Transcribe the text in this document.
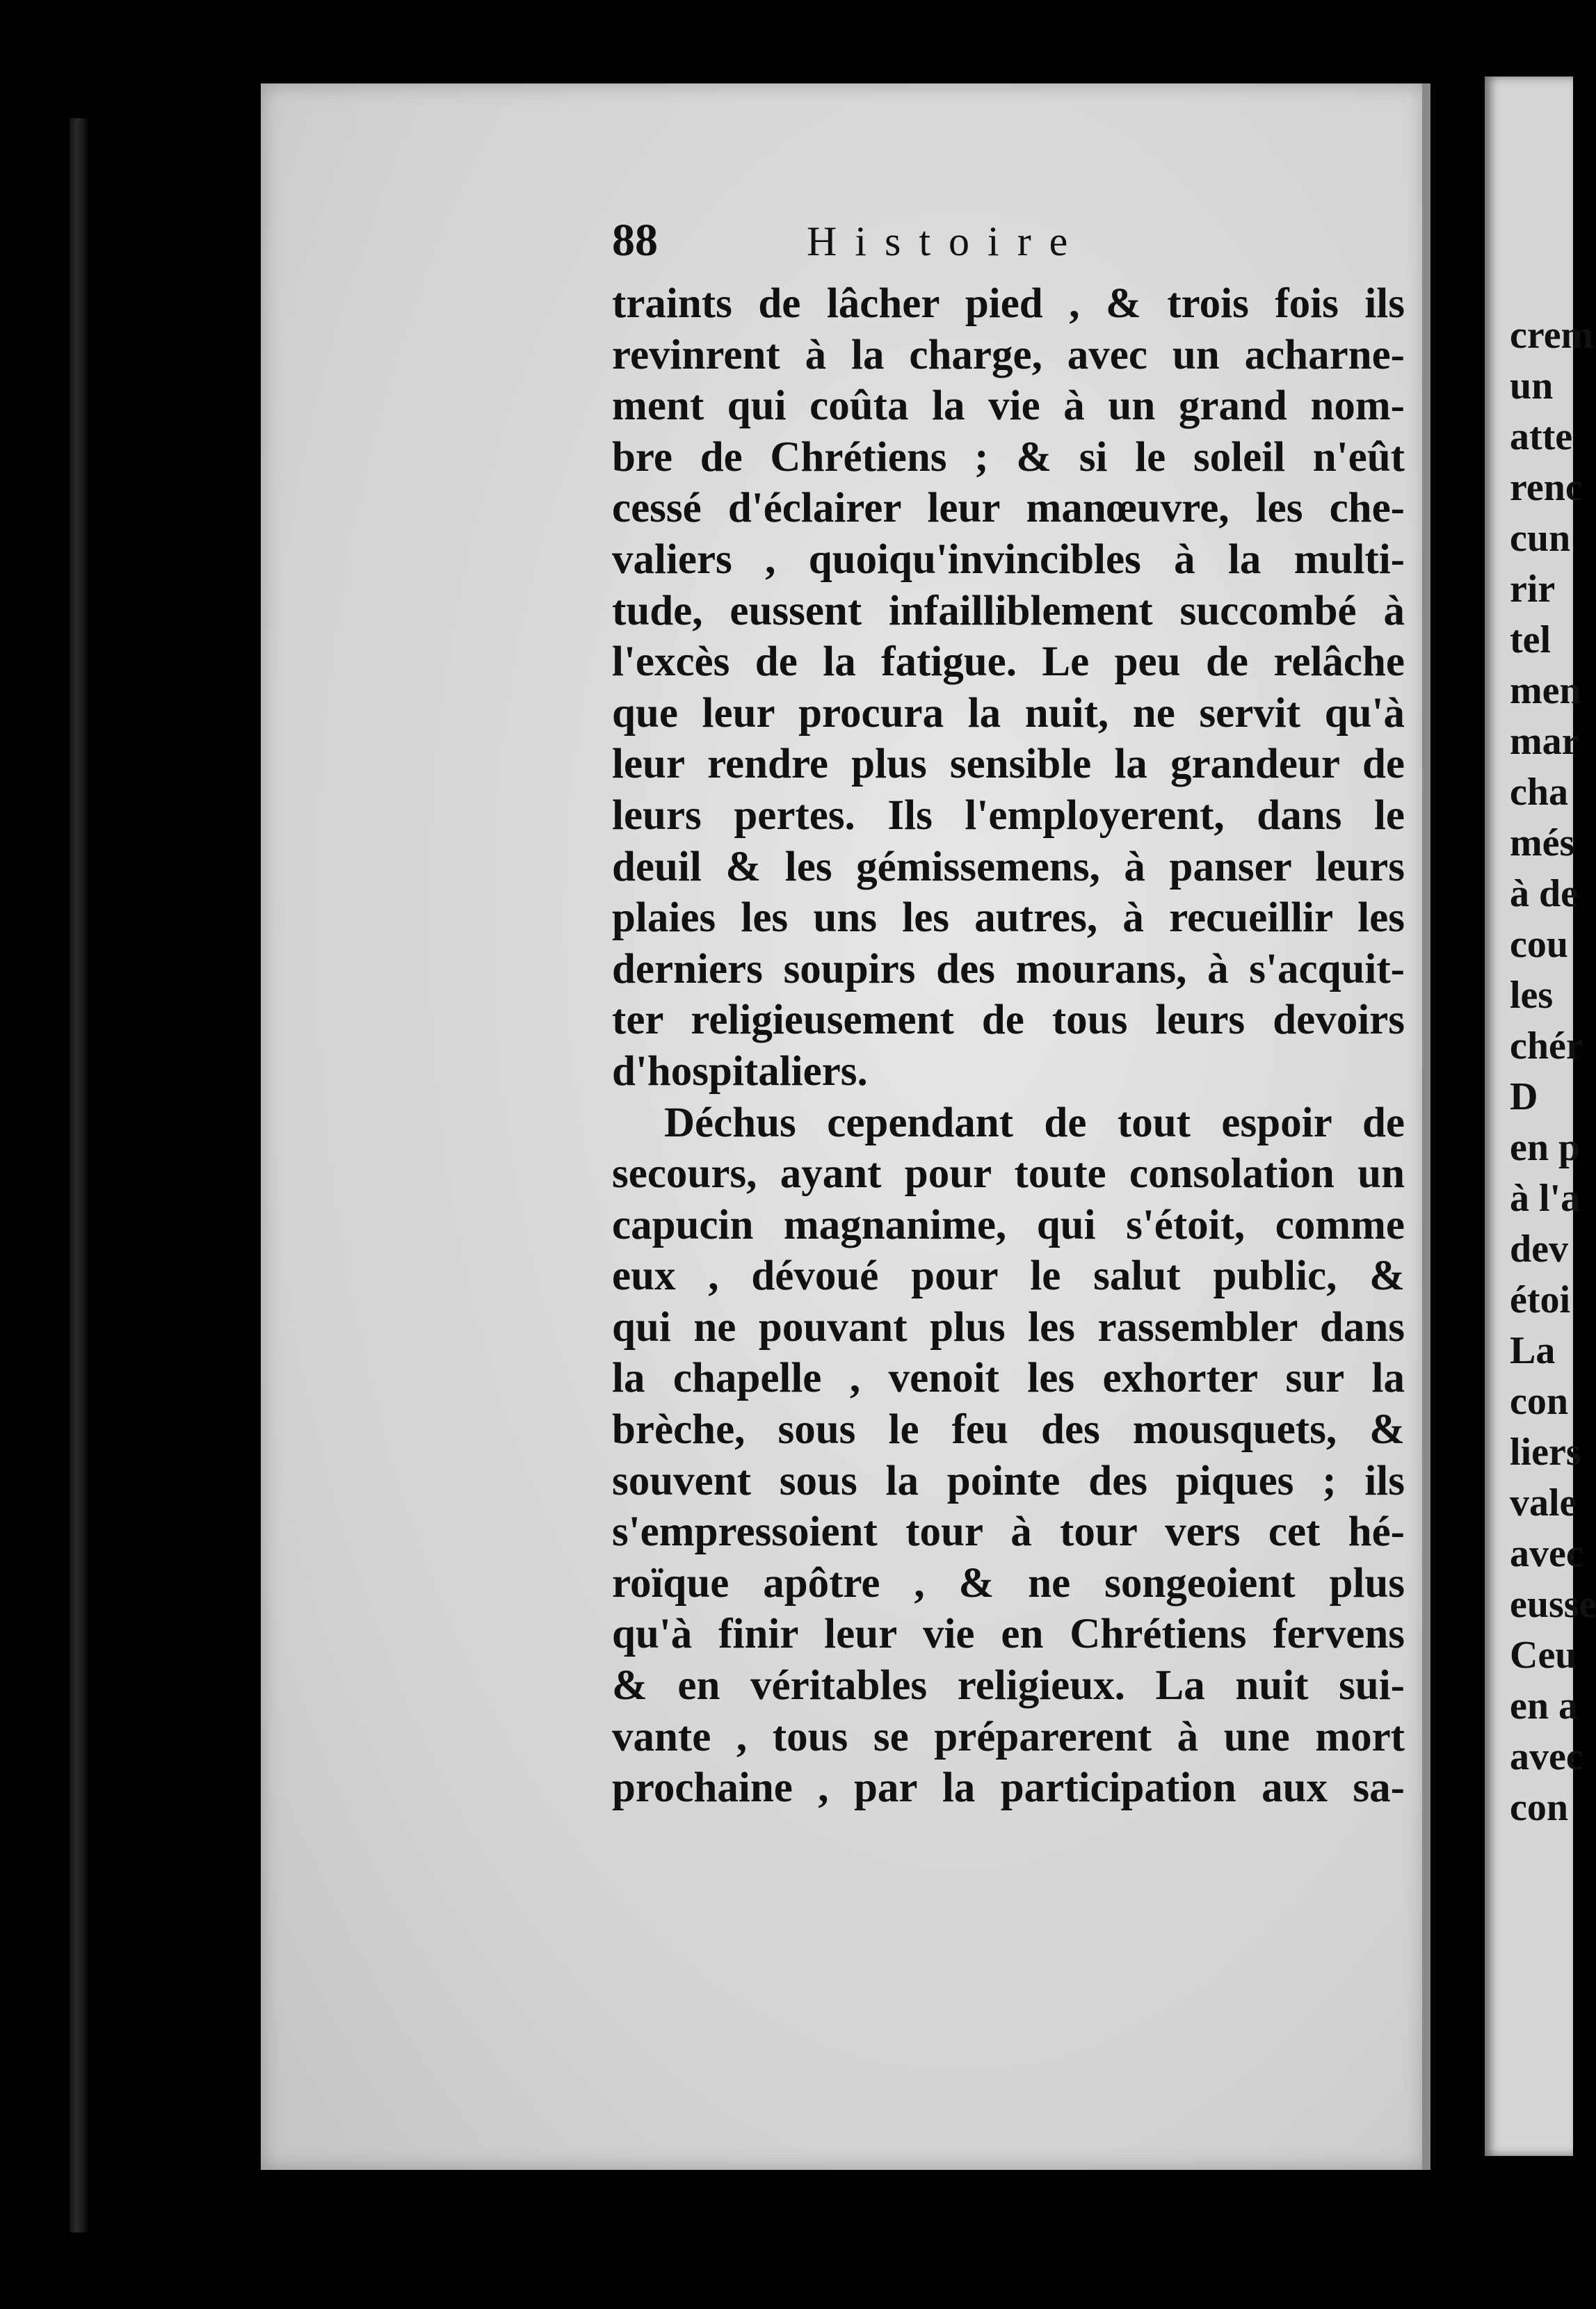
88	Histoire
traints de lâcher pied , & trois fois ils
revinrent à la charge, avec un acharne-
ment qui coûta la vie à un grand nom-
bre de Chrétiens ; & si le soleil n'eût
cessé d'éclairer leur manœuvre, les che-
valiers , quoiqu'invincibles à la multi-
tude, eussent infailliblement succombé à
l'excès de la fatigue. Le peu de relâche
que leur procura la nuit, ne servit qu'à
leur rendre plus sensible la grandeur de
leurs pertes. Ils l'employerent, dans le
deuil & les gémissemens, à panser leurs
plaies les uns les autres, à recueillir les
derniers soupirs des mourans, à s'acquit-
ter religieusement de tous leurs devoirs
d'hospitaliers.
Déchus cependant de tout espoir de
secours, ayant pour toute consolation un
capucin magnanime, qui s'étoit, comme
eux , dévoué pour le salut public, &
qui ne pouvant plus les rassembler dans
la chapelle , venoit les exhorter sur la
brèche, sous le feu des mousquets, &
souvent sous la pointe des piques ; ils
s'empressoient tour à tour vers cet hé-
roïque apôtre , & ne songeoient plus
qu'à finir leur vie en Chrétiens fervens
& en véritables religieux. La nuit sui-
vante , tous se préparerent à une mort
prochaine , par la participation aux sa-
crem
un
atte
renc
cun
rir
tel
men
mar
cha
més
à de
cou
les
chér
D
en p
à l'a
dev
étoi
La
con
liers
vale
avec
eusse
Ceu
en a
avec
con
